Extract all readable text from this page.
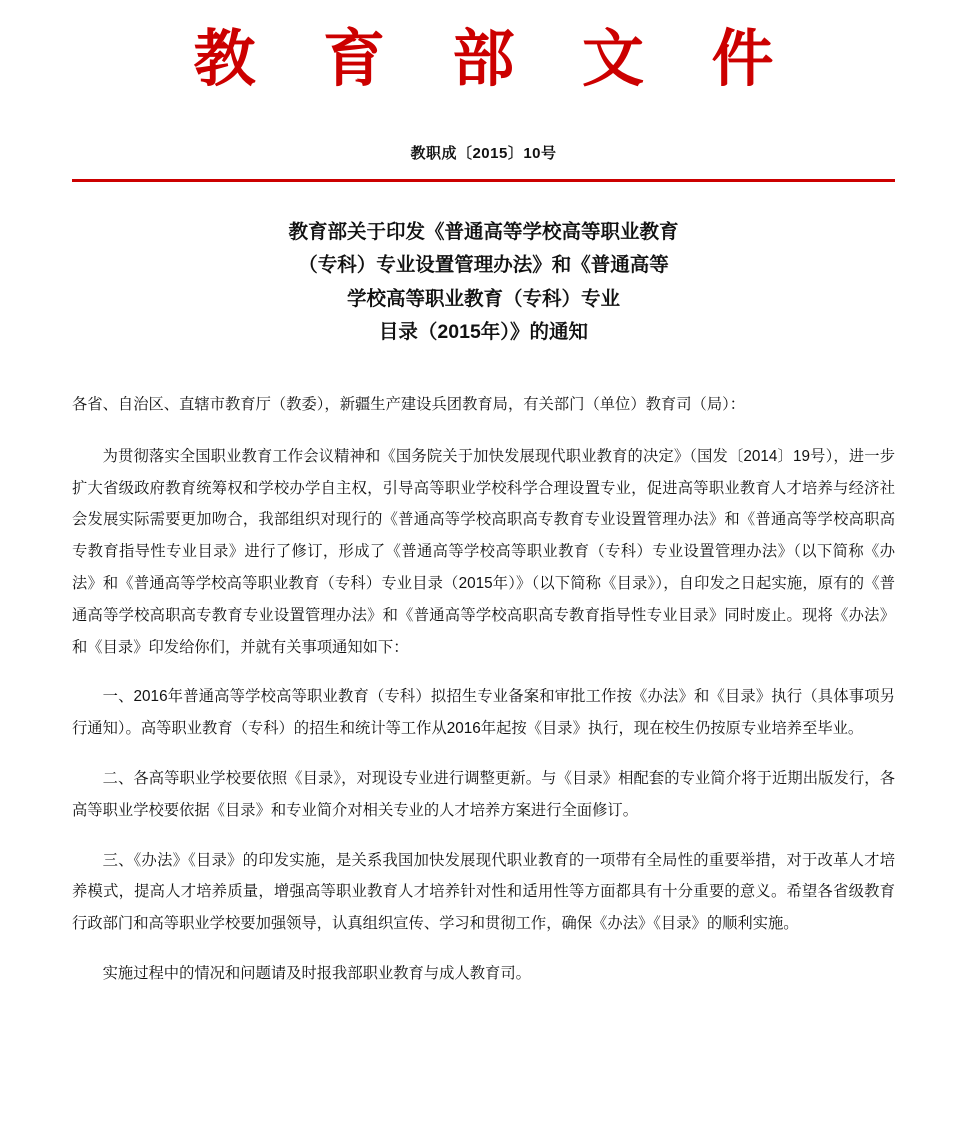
教 育 部 文 件
教职成〔2015〕10号
教育部关于印发《普通高等学校高等职业教育
（专科）专业设置管理办法》和《普通高等
学校高等职业教育（专科）专业
目录（2015年）》的通知
各省、自治区、直辖市教育厅（教委），新疆生产建设兵团教育局，有关部门（单位）教育司（局）：

为贯彻落实全国职业教育工作会议精神和《国务院关于加快发展现代职业教育的决定》（国发〔2014〕19号），进一步扩大省级政府教育统筹权和学校办学自主权，引导高等职业学校科学合理设置专业，促进高等职业教育人才培养与经济社会发展实际需要更加吻合，我部组织对现行的《普通高等学校高职高专教育专业设置管理办法》和《普通高等学校高职高专教育指导性专业目录》进行了修订，形成了《普通高等学校高等职业教育（专科）专业设置管理办法》（以下简称《办法》和《普通高等学校高等职业教育（专科）专业目录（2015年）》（以下简称《目录》），自印发之日起实施，原有的《普通高等学校高职高专教育专业设置管理办法》和《普通高等学校高职高专教育指导性专业目录》同时废止。现将《办法》和《目录》印发给你们，并就有关事项通知如下：

一、2016年普通高等学校高等职业教育（专科）拟招生专业备案和审批工作按《办法》和《目录》执行（具体事项另行通知）。高等职业教育（专科）的招生和统计等工作从2016年起按《目录》执行，现在校生仍按原专业培养至毕业。

二、各高等职业学校要依照《目录》，对现设专业进行调整更新。与《目录》相配套的专业简介将于近期出版发行，各高等职业学校要依据《目录》和专业简介对相关专业的人才培养方案进行全面修订。

三、《办法》《目录》的印发实施，是关系我国加快发展现代职业教育的一项带有全局性的重要举措，对于改革人才培养模式，提高人才培养质量，增强高等职业教育人才培养针对性和适用性等方面都具有十分重要的意义。希望各省级教育行政部门和高等职业学校要加强领导，认真组织宣传、学习和贯彻工作，确保《办法》《目录》的顺利实施。

实施过程中的情况和问题请及时报我部职业教育与成人教育司。
